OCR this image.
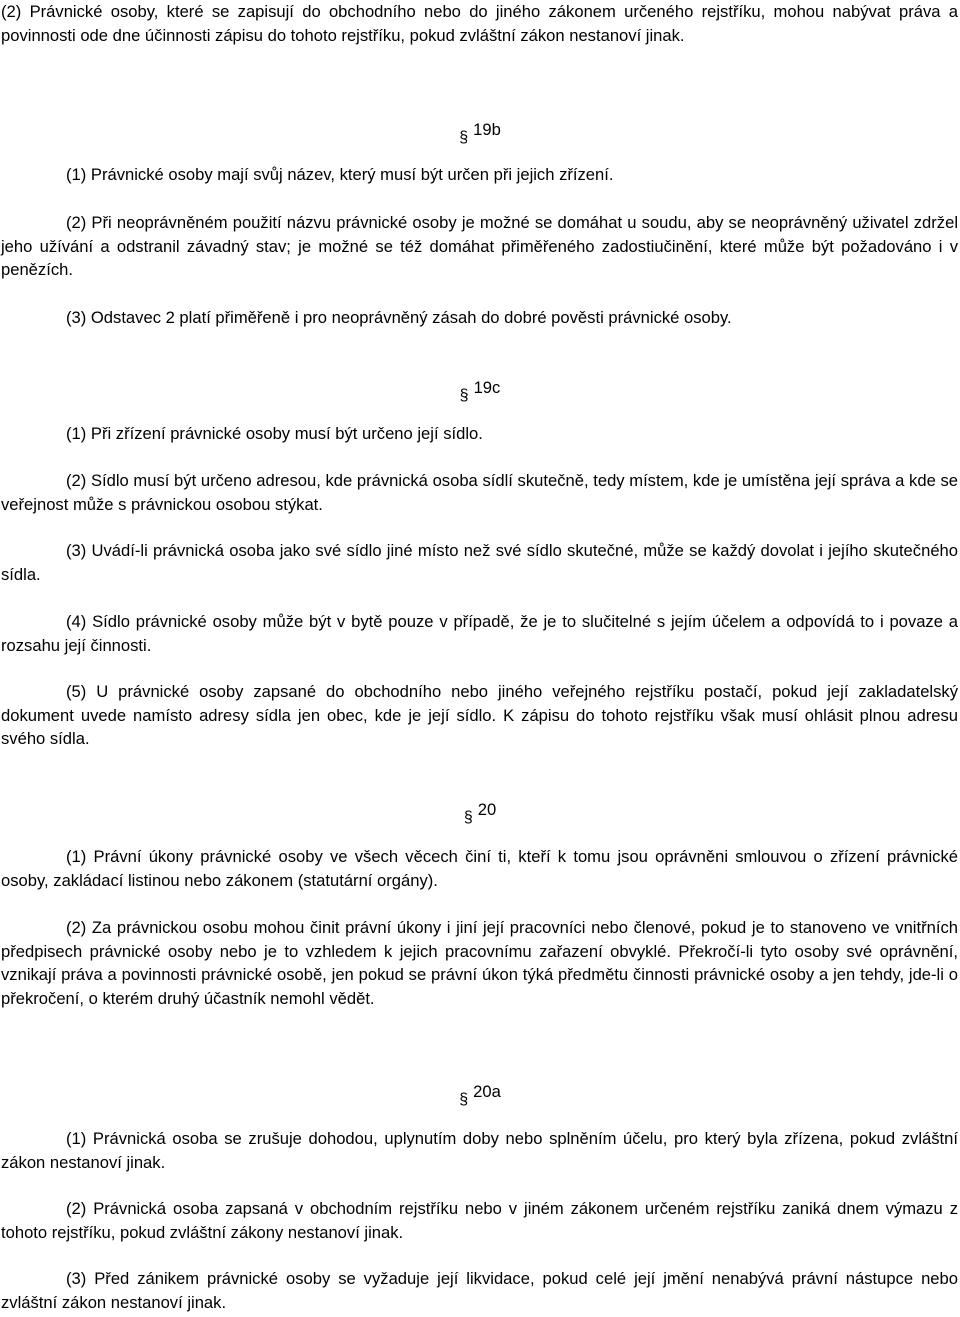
(2) Právnické osoby, které se zapisují do obchodního nebo do jiného zákonem určeného rejstříku, mohou nabývat práva a povinnosti ode dne účinnosti zápisu do tohoto rejstříku, pokud zvláštní zákon nestanoví jinak.

§ 19b

(1) Právnické osoby mají svůj název, který musí být určen při jejich zřízení.

(2) Při neoprávněném použití názvu právnické osoby je možné se domáhat u soudu, aby se neoprávněný uživatel zdržel jeho užívání a odstranil závadný stav; je možné se též domáhat přiměřeného zadostiučinění, které může být požadováno i v penězích.

(3) Odstavec 2 platí přiměřeně i pro neoprávněný zásah do dobré pověsti právnické osoby.

§ 19c

(1) Při zřízení právnické osoby musí být určeno její sídlo.

(2) Sídlo musí být určeno adresou, kde právnická osoba sídlí skutečně, tedy místem, kde je umístěna její správa a kde se veřejnost může s právnickou osobou stýkat.

(3) Uvádí-li právnická osoba jako své sídlo jiné místo než své sídlo skutečné, může se každý dovolat i jejího skutečného sídla.

(4) Sídlo právnické osoby může být v bytě pouze v případě, že je to slučitelné s jejím účelem a odpovídá to i povaze a rozsahu její činnosti.

(5) U právnické osoby zapsané do obchodního nebo jiného veřejného rejstříku postačí, pokud její zakladatelský dokument uvede namísto adresy sídla jen obec, kde je její sídlo. K zápisu do tohoto rejstříku však musí ohlásit plnou adresu svého sídla.

§ 20

(1) Právní úkony právnické osoby ve všech věcech činí ti, kteří k tomu jsou oprávněni smlouvou o zřízení právnické osoby, zakládací listinou nebo zákonem (statutární orgány).

(2) Za právnickou osobu mohou činit právní úkony i jiní její pracovníci nebo členové, pokud je to stanoveno ve vnitřních předpisech právnické osoby nebo je to vzhledem k jejich pracovnímu zařazení obvyklé. Překročí-li tyto osoby své oprávnění, vznikají práva a povinnosti právnické osobě, jen pokud se právní úkon týká předmětu činnosti právnické osoby a jen tehdy, jde-li o překročení, o kterém druhý účastník nemohl vědět.

§ 20a

(1) Právnická osoba se zrušuje dohodou, uplynutím doby nebo splněním účelu, pro který byla zřízena, pokud zvláštní zákon nestanoví jinak.

(2) Právnická osoba zapsaná v obchodním rejstříku nebo v jiném zákonem určeném rejstříku zaniká dnem výmazu z tohoto rejstříku, pokud zvláštní zákony nestanoví jinak.

(3) Před zánikem právnické osoby se vyžaduje její likvidace, pokud celé její jmění nenabývá právní nástupce nebo zvláštní zákon nestanoví jinak.
